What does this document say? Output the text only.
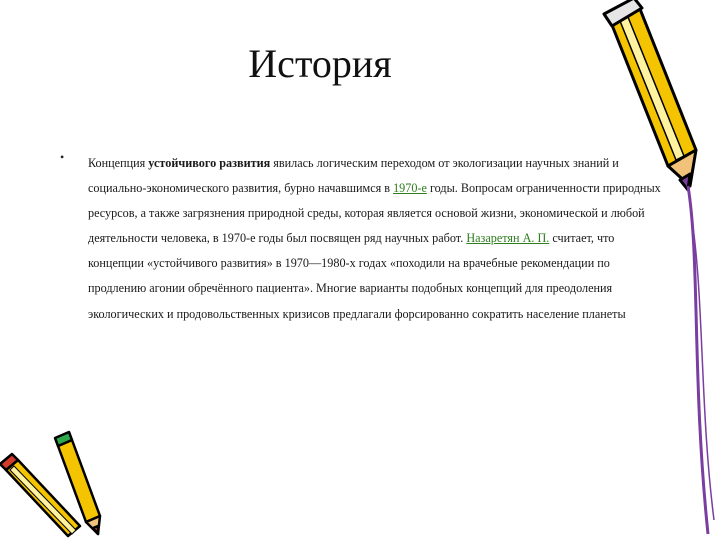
История
• Концепция устойчивого развития явилась логическим переходом от экологизации научных знаний и социально-экономического развития, бурно начавшимся в 1970-е годы. Вопросам ограниченности природных ресурсов, а также загрязнения природной среды, которая является основой жизни, экономической и любой деятельности человека, в 1970-е годы был посвящен ряд научных работ. Назаретян А. П. считает, что концепции «устойчивого развития» в 1970—1980-х годах «походили на врачебные рекомендации по продлению агонии обречённого пациента». Многие варианты подобных концепций для преодоления экологических и продовольственных кризисов предлагали форсированно сократить население планеты
